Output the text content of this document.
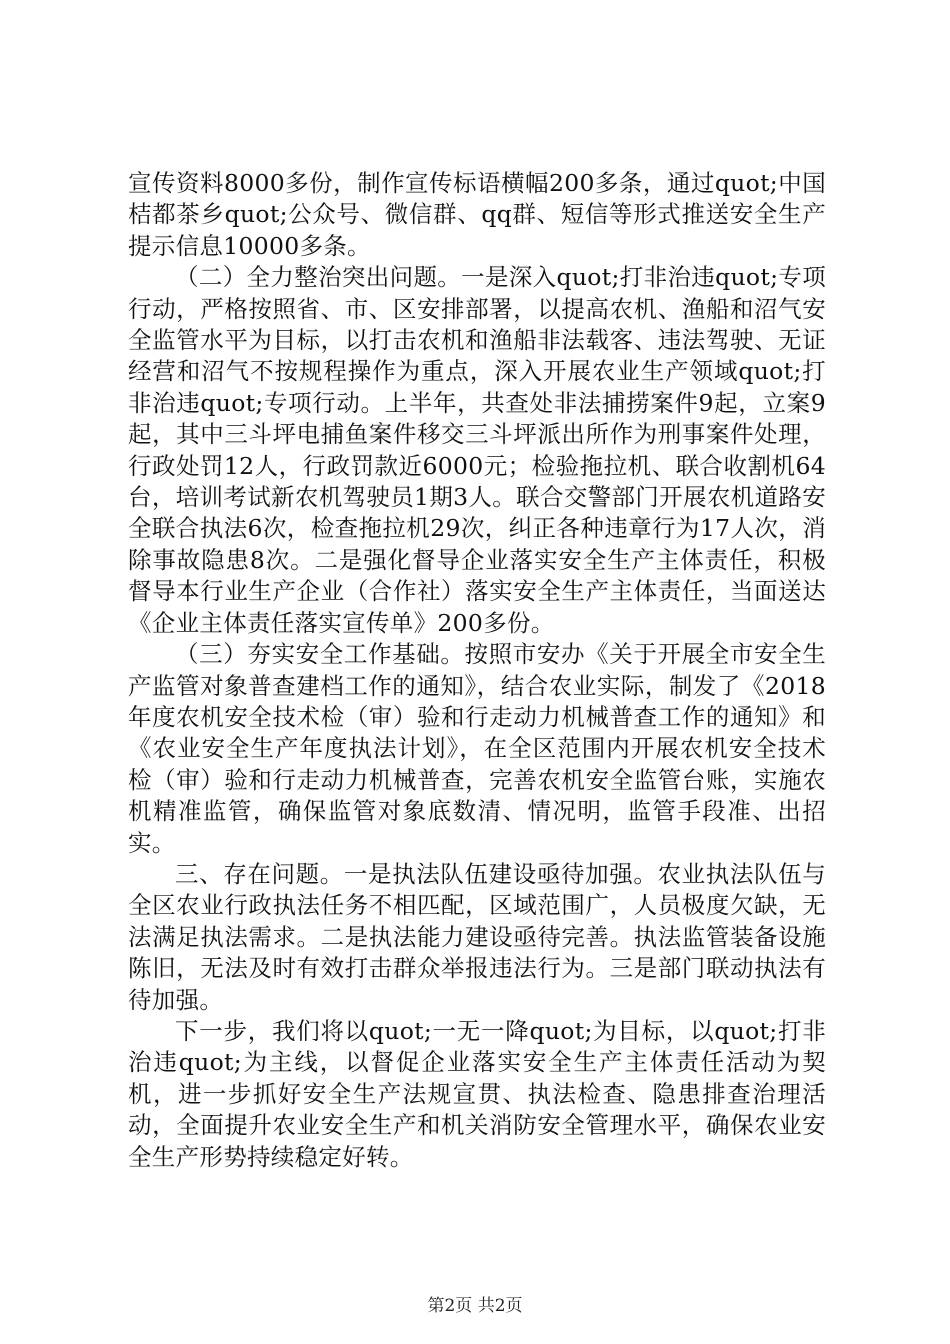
宣传资料8000多份，制作宣传标语横幅200多条，通过quot;中国桔都茶乡quot;公众号、微信群、qq群、短信等形式推送安全生产提示信息10000多条。

（二）全力整治突出问题。一是深入quot;打非治违quot;专项行动，严格按照省、市、区安排部署，以提高农机、渔船和沼气安全监管水平为目标，以打击农机和渔船非法载客、违法驾驶、无证经营和沼气不按规程操作为重点，深入开展农业生产领域quot;打非治违quot;专项行动。上半年，共查处非法捕捞案件9起，立案9起，其中三斗坪电捕鱼案件移交三斗坪派出所作为刑事案件处理，行政处罚12人，行政罚款近6000元；检验拖拉机、联合收割机64台，培训考试新农机驾驶员1期3人。联合交警部门开展农机道路安全联合执法6次，检查拖拉机29次，纠正各种违章行为17人次，消除事故隐患8次。二是强化督导企业落实安全生产主体责任，积极督导本行业生产企业（合作社）落实安全生产主体责任，当面送达《企业主体责任落实宣传单》200多份。

（三）夯实安全工作基础。按照市安办《关于开展全市安全生产监管对象普查建档工作的通知》，结合农业实际，制发了《2018年度农机安全技术检（审）验和行走动力机械普查工作的通知》和《农业安全生产年度执法计划》，在全区范围内开展农机安全技术检（审）验和行走动力机械普查，完善农机安全监管台账，实施农机精准监管，确保监管对象底数清、情况明，监管手段准、出招实。

三、存在问题。一是执法队伍建设亟待加强。农业执法队伍与全区农业行政执法任务不相匹配，区域范围广，人员极度欠缺，无法满足执法需求。二是执法能力建设亟待完善。执法监管装备设施陈旧，无法及时有效打击群众举报违法行为。三是部门联动执法有待加强。

下一步，我们将以quot;一无一降quot;为目标，以quot;打非治违quot;为主线，以督促企业落实安全生产主体责任活动为契机，进一步抓好安全生产法规宣贯、执法检查、隐患排查治理活动，全面提升农业安全生产和机关消防安全管理水平，确保农业安全生产形势持续稳定好转。

第2页 共2页
